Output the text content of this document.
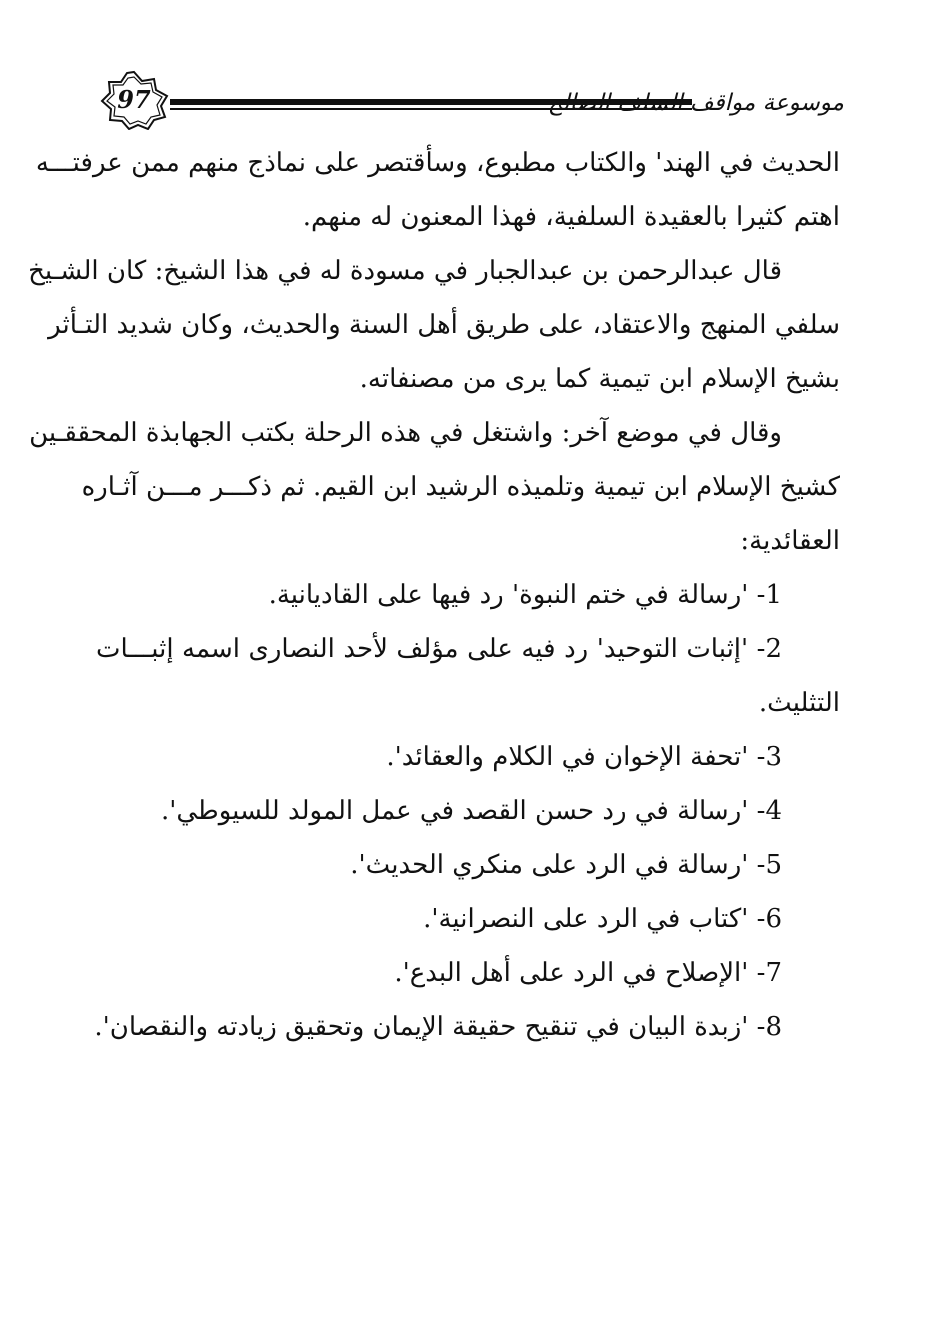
97	موسوعة مواقف السلف الصالح
الحديث في الهند' والكتاب مطبوع، وسأقتصر على نماذج منهم ممن عرفتـــه
اهتم كثيرا بالعقيدة السلفية، فهذا المعنون له منهم.
قال عبدالرحمن بن عبدالجبار في مسودة له في هذا الشيخ: كان الشـيخ
سلفي المنهج والاعتقاد، على طريق أهل السنة والحديث، وكان شديد التـأثر
بشيخ الإسلام ابن تيمية كما يرى من مصنفاته.
وقال في موضع آخر: واشتغل في هذه الرحلة بكتب الجهابذة المحققـين
كشيخ الإسلام ابن تيمية وتلميذه الرشيد ابن القيم. ثم ذكـــر مـــن آثـاره
العقائدية:
1- 'رسالة في ختم النبوة' رد فيها على القاديانية.
2- 'إثبات التوحيد' رد فيه على مؤلف لأحد النصارى اسمه إثبـــات
التثليث.
3- 'تحفة الإخوان في الكلام والعقائد'.
4- 'رسالة في رد حسن القصد في عمل المولد للسيوطي'.
5- 'رسالة في الرد على منكري الحديث'.
6- 'كتاب في الرد على النصرانية'.
7- 'الإصلاح في الرد على أهل البدع'.
8- 'زبدة البيان في تنقيح حقيقة الإيمان وتحقيق زيادته والنقصان'.
